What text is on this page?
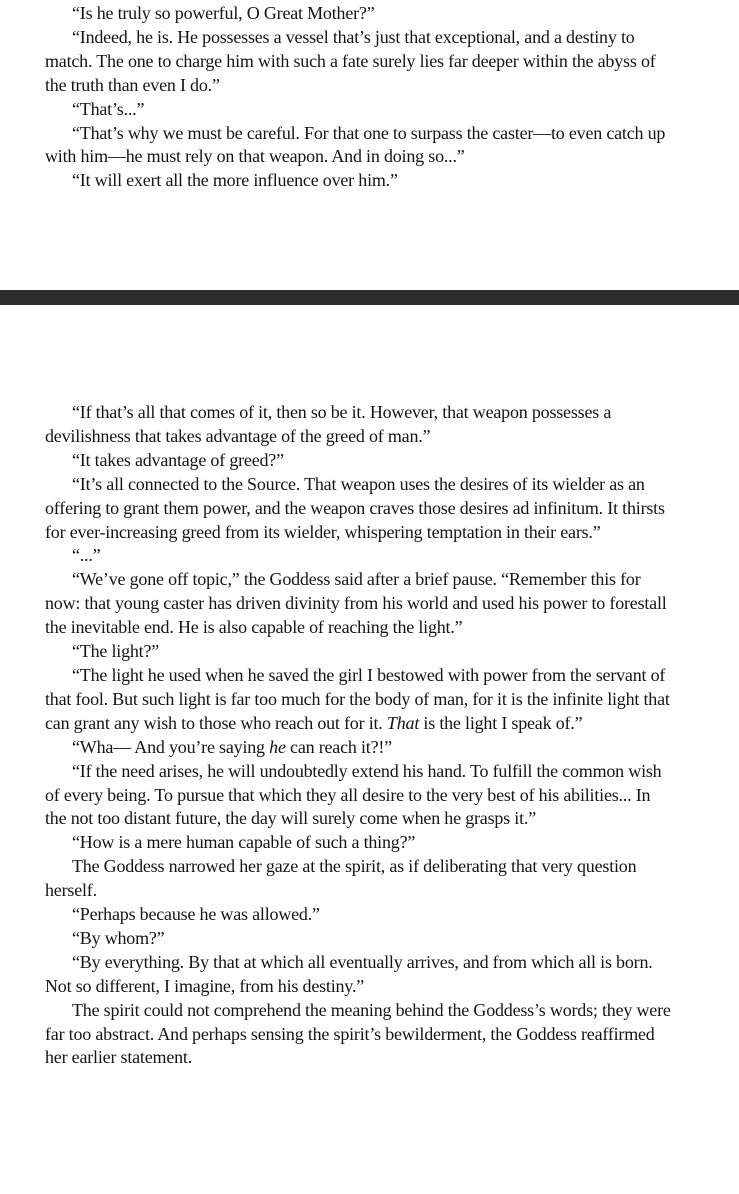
“Is he truly so powerful, O Great Mother?”

“Indeed, he is. He possesses a vessel that’s just that exceptional, and a destiny to match. The one to charge him with such a fate surely lies far deeper within the abyss of the truth than even I do.”

“That’s...”

“That’s why we must be careful. For that one to surpass the caster—to even catch up with him—he must rely on that weapon. And in doing so...”

“It will exert all the more influence over him.”

“If that’s all that comes of it, then so be it. However, that weapon possesses a devilishness that takes advantage of the greed of man.”

“It takes advantage of greed?”

“It’s all connected to the Source. That weapon uses the desires of its wielder as an offering to grant them power, and the weapon craves those desires ad infinitum. It thirsts for ever-increasing greed from its wielder, whispering temptation in their ears.”

“...”

“We’ve gone off topic,” the Goddess said after a brief pause. “Remember this for now: that young caster has driven divinity from his world and used his power to forestall the inevitable end. He is also capable of reaching the light.”

“The light?”

“The light he used when he saved the girl I bestowed with power from the servant of that fool. But such light is far too much for the body of man, for it is the infinite light that can grant any wish to those who reach out for it. That is the light I speak of.”

“Wha— And you’re saying he can reach it?!”

“If the need arises, he will undoubtedly extend his hand. To fulfill the common wish of every being. To pursue that which they all desire to the very best of his abilities... In the not too distant future, the day will surely come when he grasps it.”

“How is a mere human capable of such a thing?”

The Goddess narrowed her gaze at the spirit, as if deliberating that very question herself.

“Perhaps because he was allowed.”

“By whom?”

“By everything. By that at which all eventually arrives, and from which all is born. Not so different, I imagine, from his destiny.”

The spirit could not comprehend the meaning behind the Goddess’s words; they were far too abstract. And perhaps sensing the spirit’s bewilderment, the Goddess reaffirmed her earlier statement.
